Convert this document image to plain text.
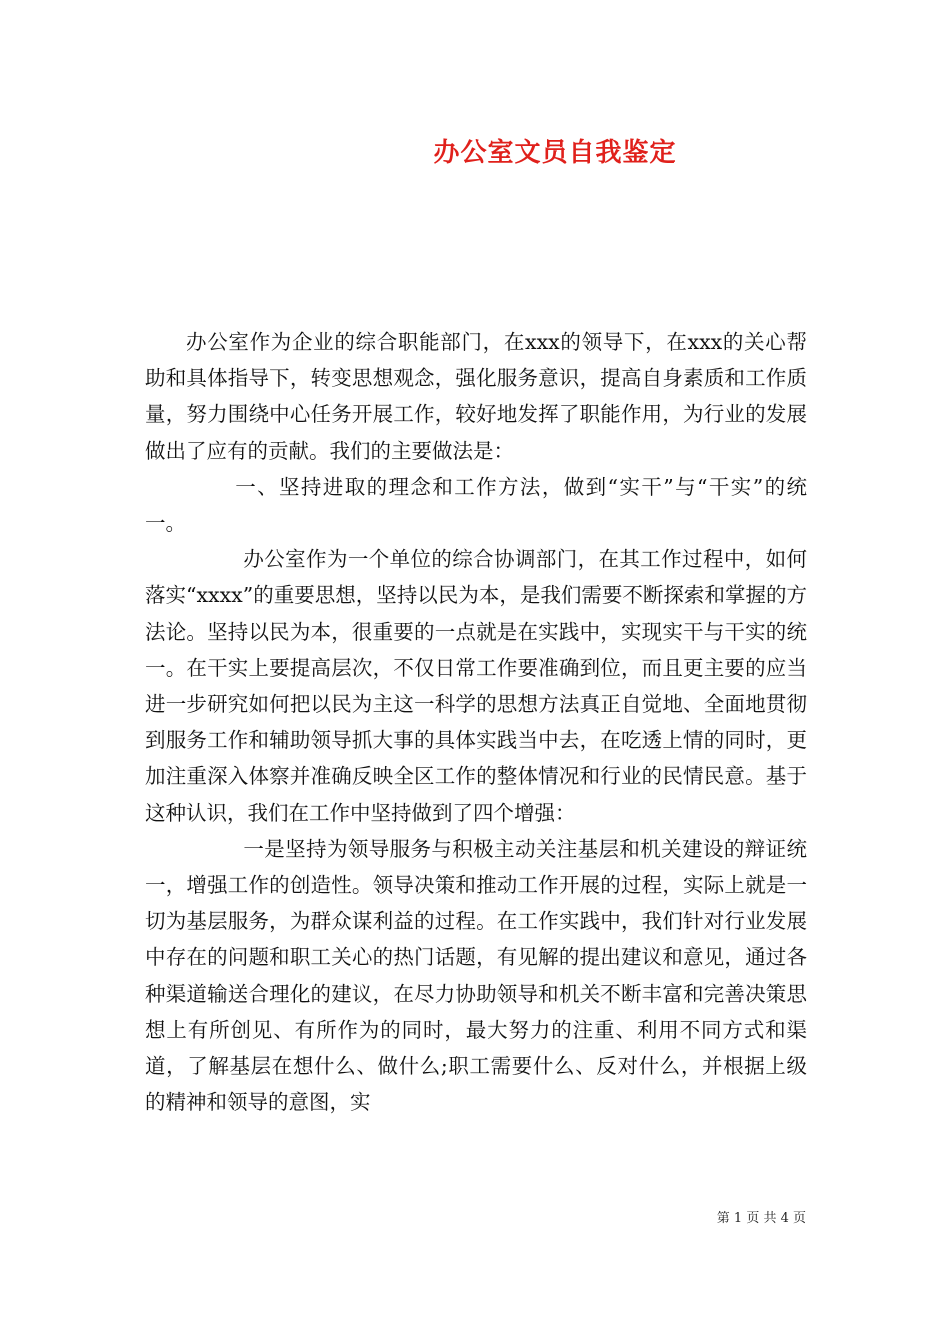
办公室文员自我鉴定

办公室作为企业的综合职能部门，在xxx的领导下，在xxx的关心帮助和具体指导下，转变思想观念，强化服务意识，提高自身素质和工作质量，努力围绕中心任务开展工作，较好地发挥了职能作用，为行业的发展做出了应有的贡献。我们的主要做法是：

一、坚持进取的理念和工作方法，做到“实干”与“干实”的统一。

办公室作为一个单位的综合协调部门，在其工作过程中，如何落实“xxxx”的重要思想，坚持以民为本，是我们需要不断探索和掌握的方法论。坚持以民为本，很重要的一点就是在实践中，实现实干与干实的统一。在干实上要提高层次，不仅日常工作要准确到位，而且更主要的应当进一步研究如何把以民为主这一科学的思想方法真正自觉地、全面地贯彻到服务工作和辅助领导抓大事的具体实践当中去，在吃透上情的同时，更加注重深入体察并准确反映全区工作的整体情况和行业的民情民意。基于这种认识，我们在工作中坚持做到了四个增强：

一是坚持为领导服务与积极主动关注基层和机关建设的辩证统一，增强工作的创造性。领导决策和推动工作开展的过程，实际上就是一切为基层服务，为群众谋利益的过程。在工作实践中，我们针对行业发展中存在的问题和职工关心的热门话题，有见解的提出建议和意见，通过各种渠道输送合理化的建议，在尽力协助领导和机关不断丰富和完善决策思想上有所创见、有所作为的同时，最大努力的注重、利用不同方式和渠道，了解基层在想什么、做什么;职工需要什么、反对什么，并根据上级的精神和领导的意图，实

第 1 页 共 4 页
